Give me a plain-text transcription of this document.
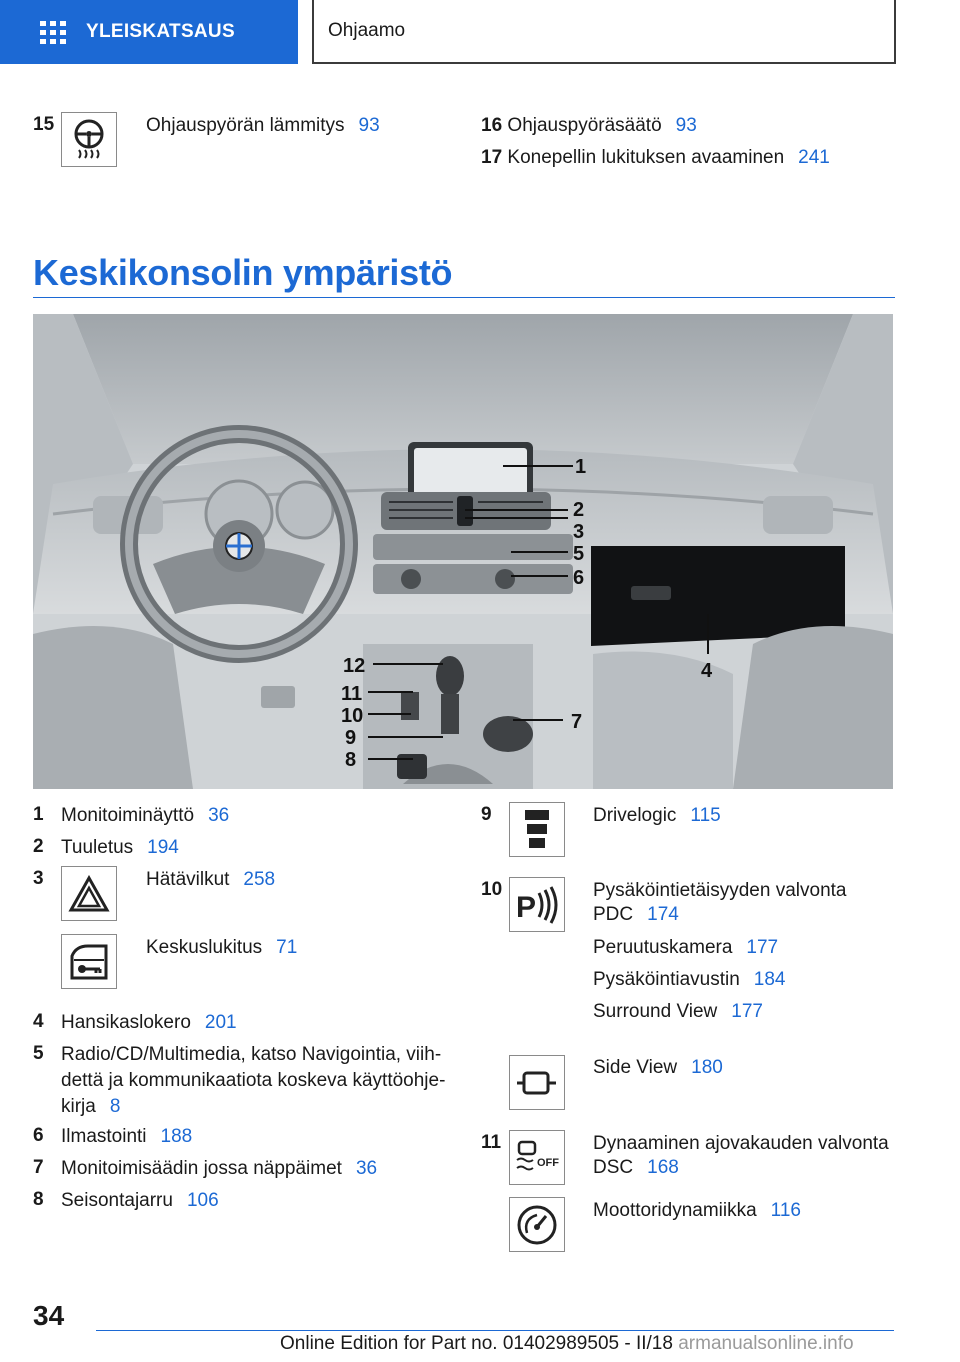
YLEISKATSAUS	Ohjaamo
15	Ohjauspyörän lämmitys 93	16 Ohjauspyöräsäätö 93
17 Konepellin lukituksen avaaminen 241
Keskikonsolin ympäristö
1
2
3
4
5
6
7
8
9
10
11
12
1 Monitoiminäyttö 36
2 Tuuletus 194
3	Hätävilkut 258
Keskuslukitus 71
4 Hansikaslokero 201
5 Radio/CD/Multimedia, katso Navigointia, viih-
dettä ja kommunikaatiota koskeva käyttöohje-
kirja 8
6 Ilmastointi 188
7 Monitoimisäädin jossa näppäimet 36
8 Seisontajarru 106
9	Drivelogic 115
10
P	Pysäköintietäisyyden valvonta
PDC 174
Peruutuskamera 177
Pysäköintiavustin 184
Surround View 177
Side View 180
11
OFF
Dynaaminen ajovakauden valvonta
DSC 168
Moottoridynamiikka 116
34
Online Edition for Part no. 01402989505 - II/18 armanualsonline.info
